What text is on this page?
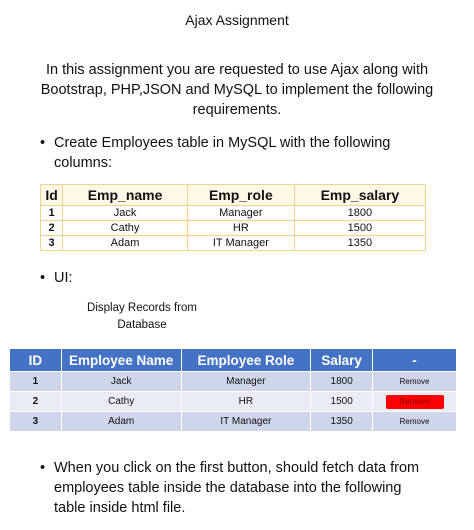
Ajax Assignment
In this assignment you are requested to use Ajax along with Bootstrap, PHP,JSON and MySQL to implement the following requirements.
• Create Employees table in MySQL with the following columns:
Id	Emp_name	Emp_role	Emp_salary
1	Jack	Manager	1800
2	Cathy	HR	1500
3	Adam	IT Manager	1350
• UI:
Display Records from
Database
ID	Employee Name	Employee Role	Salary	-
1	Jack	Manager	1800	Remove
2	Cathy	HR	1500	Remove
3	Adam	IT Manager	1350	Remove
• When you click on the first button, should fetch data from employees table inside the database into the following table inside html file.
